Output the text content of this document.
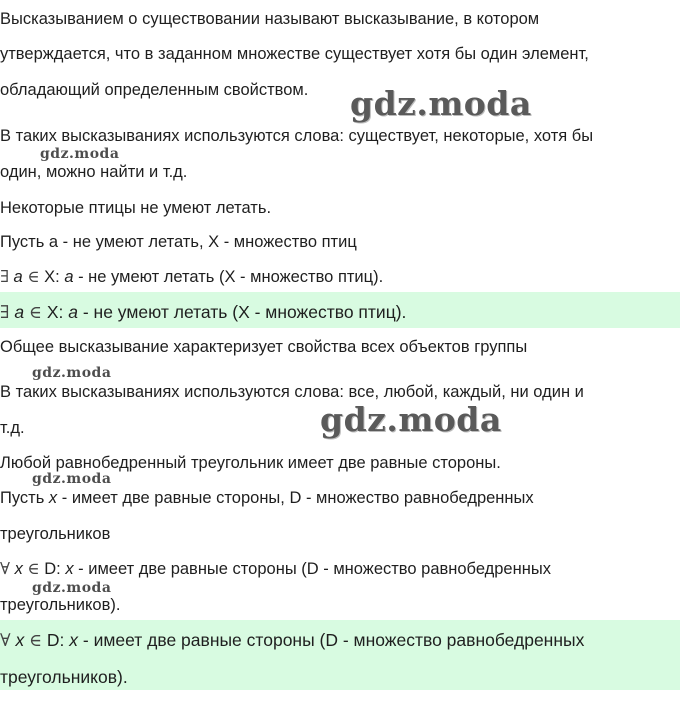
Высказыванием о существовании называют высказывание, в котором
утверждается, что в заданном множестве существует хотя бы один элемент,
обладающий определенным свойством.
В таких высказываниях используются слова: существует, некоторые, хотя бы
один, можно найти и т.д.
Некоторые птицы не умеют летать.
Пусть a - не умеют летать, X - множество птиц
∃ a ∈ X: a - не умеют летать (X - множество птиц).
∃ a ∈ X: a - не умеют летать (X - множество птиц).
Общее высказывание характеризует свойства всех объектов группы
В таких высказываниях используются слова: все, любой, каждый, ни один и
т.д.
Любой равнобедренный треугольник имеет две равные стороны.
Пусть x - имеет две равные стороны, D - множество равнобедренных
треугольников
∀ x ∈ D: x - имеет две равные стороны (D - множество равнобедренных
треугольников).
∀ x ∈ D: x - имеет две равные стороны (D - множество равнобедренных
треугольников).
gdz.moda
gdz.moda
gdz.moda
gdz.moda
gdz.moda
gdz.moda
